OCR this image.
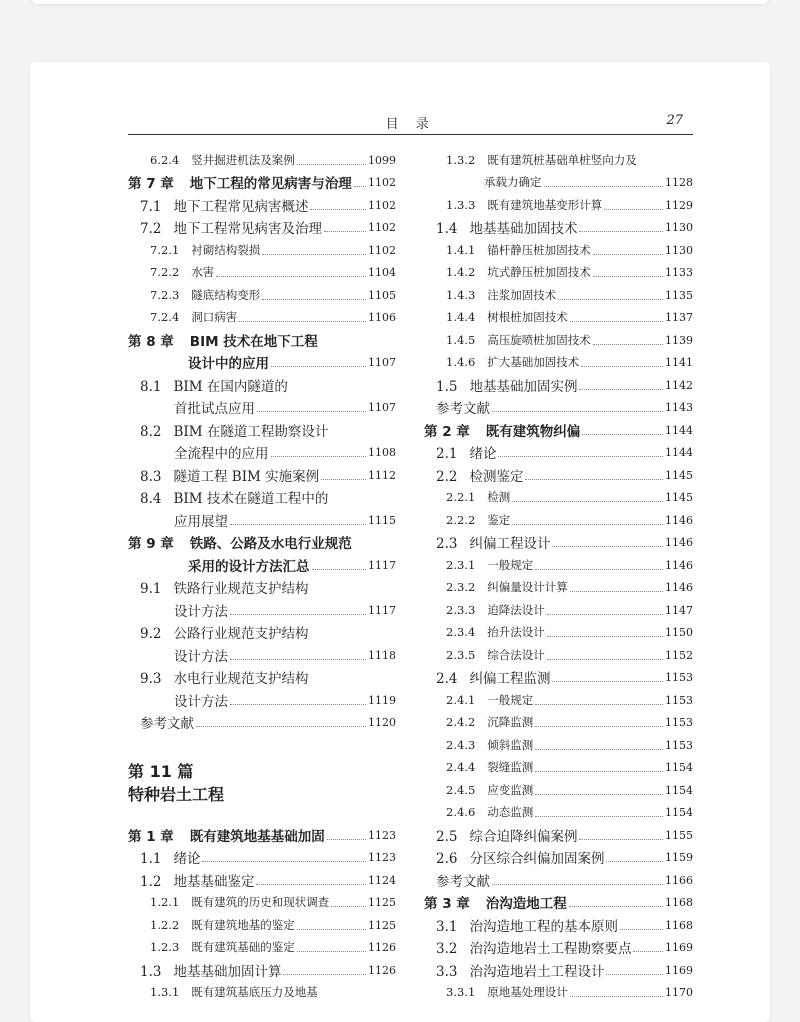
目 录	27
第 11 篇
特种岩土工程
6.2.4 竖井掘进机法及案例	1099
第 7 章 地下工程的常见病害与治理 1102
7.1 地下工程常见病害概述	1102
7.2 地下工程常见病害及治理	1102
7.2.1 衬砌结构裂损	1102
7.2.2 水害	1104
7.2.3 隧底结构变形	1105
7.2.4 洞口病害	1106
第 8 章 BIM 技术在地下工程
设计中的应用	1107
8.1 BIM 在国内隧道的
首批试点应用	1107
8.2 BIM 在隧道工程勘察设计
全流程中的应用	1108
8.3 隧道工程 BIM 实施案例	1112
8.4 BIM 技术在隧道工程中的
应用展望	1115
第 9 章 铁路、公路及水电行业规范
采用的设计方法汇总	1117
9.1 铁路行业规范支护结构
设计方法	1117
9.2 公路行业规范支护结构
设计方法	1118
9.3 水电行业规范支护结构
设计方法	1119
参考文献	1120
第 1 章 既有建筑地基基础加固	1123
1.1 绪论	1123
1.2 地基基础鉴定	1124
1.2.1 既有建筑的历史和现状调查	1125
1.2.2 既有建筑地基的鉴定	1125
1.2.3 既有建筑基础的鉴定	1126
1.3 地基基础加固计算	1126
1.3.1 既有建筑基底压力及地基
1.3.2 既有建筑桩基础单桩竖向力及
承载力确定	1128
1.3.3 既有建筑地基变形计算	1129
1.4 地基基础加固技术	1130
1.4.1 锚杆静压桩加固技术	1130
1.4.2 坑式静压桩加固技术	1133
1.4.3 注浆加固技术	1135
1.4.4 树根桩加固技术	1137
1.4.5 高压旋喷桩加固技术	1139
1.4.6 扩大基础加固技术	1141
1.5 地基基础加固实例	1142
参考文献	1143
第 2 章 既有建筑物纠偏	1144
2.1 绪论	1144
2.2 检测鉴定	1145
2.2.1 检测	1145
2.2.2 鉴定	1146
2.3 纠偏工程设计	1146
2.3.1 一般规定	1146
2.3.2 纠偏量设计计算	1146
2.3.3 迫降法设计	1147
2.3.4 抬升法设计	1150
2.3.5 综合法设计	1152
2.4 纠偏工程监测	1153
2.4.1 一般规定	1153
2.4.2 沉降监测	1153
2.4.3 倾斜监测	1153
2.4.4 裂缝监测	1154
2.4.5 应变监测	1154
2.4.6 动态监测	1154
2.5 综合迫降纠偏案例	1155
2.6 分区综合纠偏加固案例	1159
参考文献	1166
第 3 章 治沟造地工程	1168
3.1 治沟造地工程的基本原则	1168
3.2 治沟造地岩土工程勘察要点	1169
3.3 治沟造地岩土工程设计	1169
3.3.1 原地基处理设计	1170
